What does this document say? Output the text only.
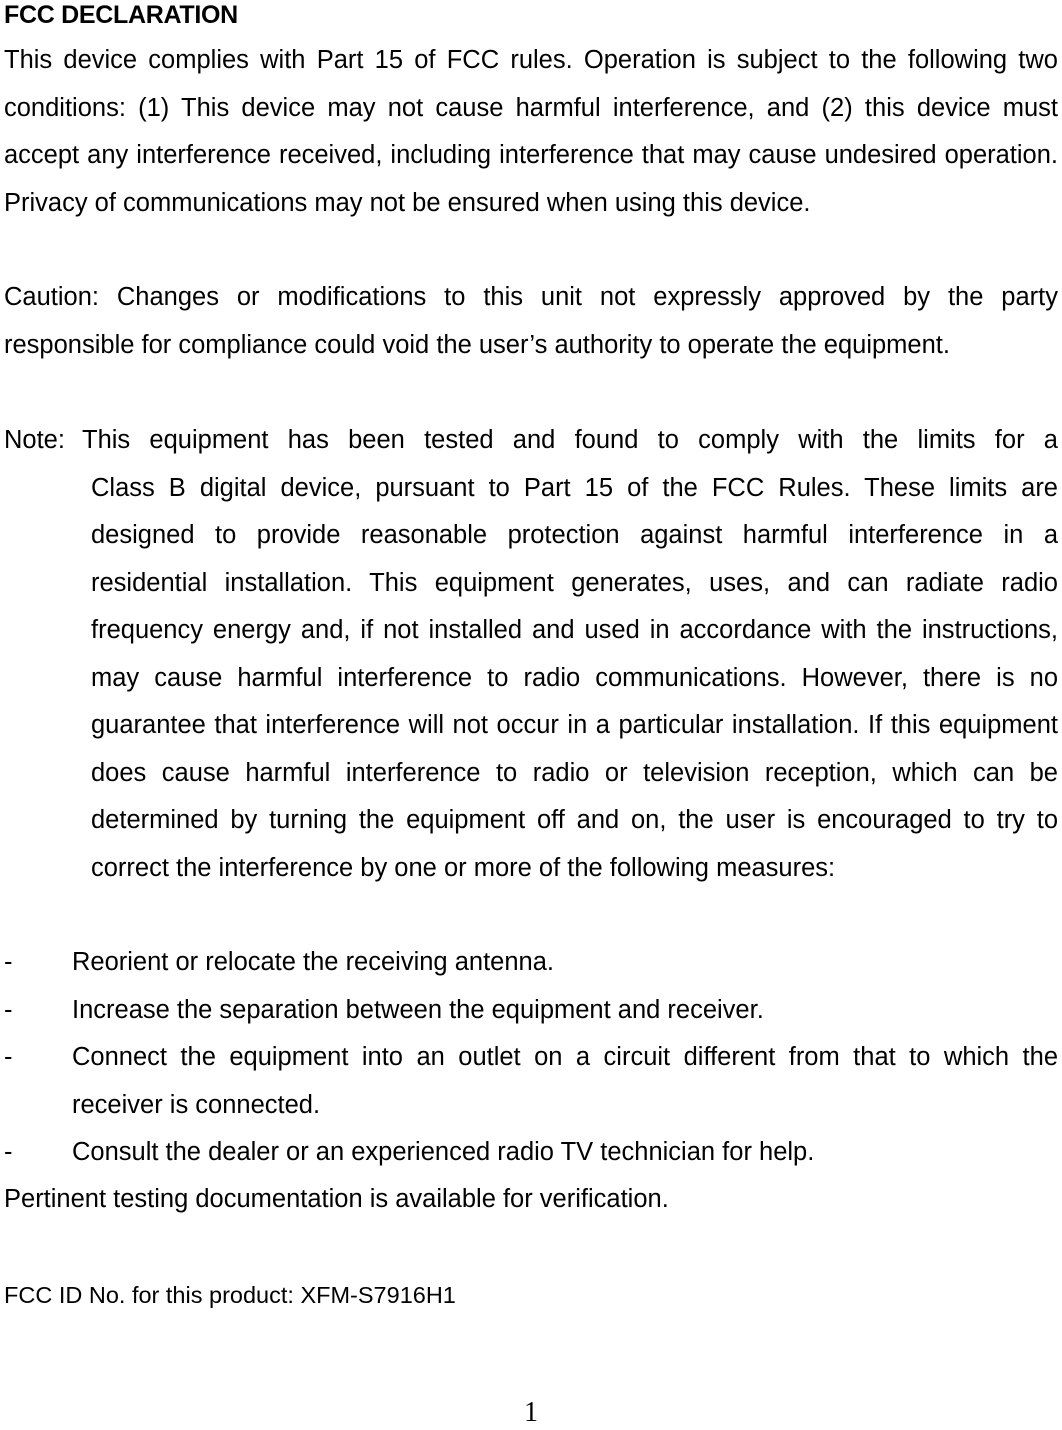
FCC DECLARATION
This device complies with Part 15 of FCC rules. Operation is subject to the following two conditions: (1) This device may not cause harmful interference, and (2) this device must accept any interference received, including interference that may cause undesired operation. Privacy of communications may not be ensured when using this device.
Caution: Changes or modifications to this unit not expressly approved by the party responsible for compliance could void the user’s authority to operate the equipment.
Note: This equipment has been tested and found to comply with the limits for a
Class B digital device, pursuant to Part 15 of the FCC Rules. These limits are designed to provide reasonable protection against harmful interference in a residential installation. This equipment generates, uses, and can radiate radio frequency energy and, if not installed and used in accordance with the instructions, may cause harmful interference to radio communications. However, there is no guarantee that interference will not occur in a particular installation. If this equipment does cause harmful interference to radio or television reception, which can be determined by turning the equipment off and on, the user is encouraged to try to correct the interference by one or more of the following measures:
-	Reorient or relocate the receiving antenna.
-	Increase the separation between the equipment and receiver.
-	Connect the equipment into an outlet on a circuit different from that to which the receiver is connected.
-	Consult the dealer or an experienced radio TV technician for help.
Pertinent testing documentation is available for verification.
FCC ID No. for this product: XFM-S7916H1
1
